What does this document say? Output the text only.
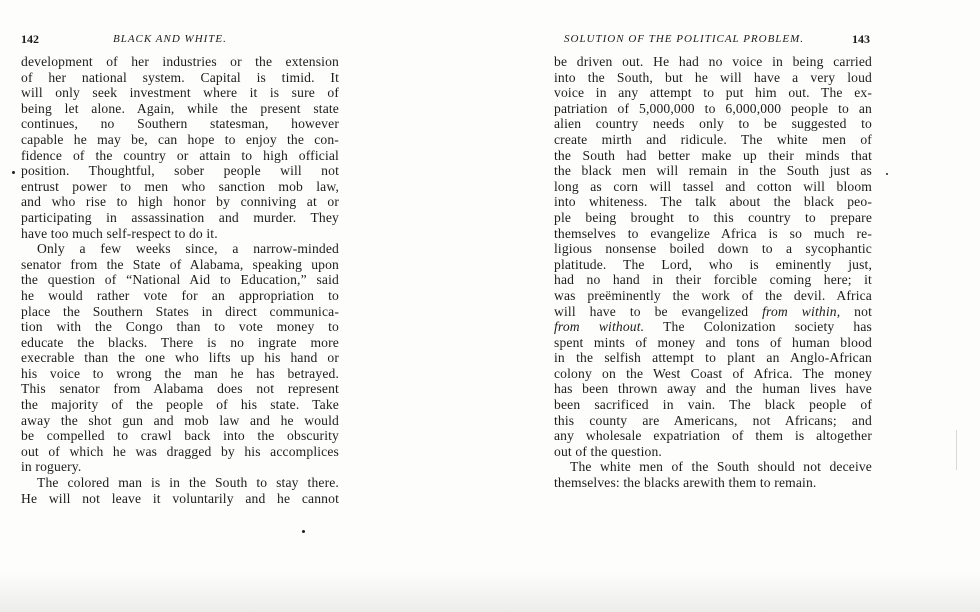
142	BLACK AND WHITE.
development of her industries or the extension
of her national system. Capital is timid. It
will only seek investment where it is sure of
being let alone. Again, while the present state
continues, no Southern statesman, however
capable he may be, can hope to enjoy the con-
fidence of the country or attain to high official
position. Thoughtful, sober people will not
entrust power to men who sanction mob law,
and who rise to high honor by conniving at or
participating in assassination and murder. They
have too much self-respect to do it.
Only a few weeks since, a narrow-minded
senator from the State of Alabama, speaking upon
the question of “National Aid to Education,” said
he would rather vote for an appropriation to
place the Southern States in direct communica-
tion with the Congo than to vote money to
educate the blacks. There is no ingrate more
execrable than the one who lifts up his hand or
his voice to wrong the man he has betrayed.
This senator from Alabama does not represent
the majority of the people of his state. Take
away the shot gun and mob law and he would
be compelled to crawl back into the obscurity
out of which he was dragged by his accomplices
in roguery.
The colored man is in the South to stay there.
He will not leave it voluntarily and he cannot
SOLUTION OF THE POLITICAL PROBLEM.	143
be driven out. He had no voice in being carried
into the South, but he will have a very loud
voice in any attempt to put him out. The ex-
patriation of 5,000,000 to 6,000,000 people to an
alien country needs only to be suggested to
create mirth and ridicule. The white men of
the South had better make up their minds that
the black men will remain in the South just as
long as corn will tassel and cotton will bloom
into whiteness. The talk about the black peo-
ple being brought to this country to prepare
themselves to evangelize Africa is so much re-
ligious nonsense boiled down to a sycophantic
platitude. The Lord, who is eminently just,
had no hand in their forcible coming here; it
was preëminently the work of the devil. Africa
will have to be evangelized from within, not
from without. The Colonization society has
spent mints of money and tons of human blood
in the selfish attempt to plant an Anglo-African
colony on the West Coast of Africa. The money
has been thrown away and the human lives have
been sacrificed in vain. The black people of
this county are Americans, not Africans; and
any wholesale expatriation of them is altogether
out of the question.
The white men of the South should not deceive
themselves: the blacks arewith them to remain.
